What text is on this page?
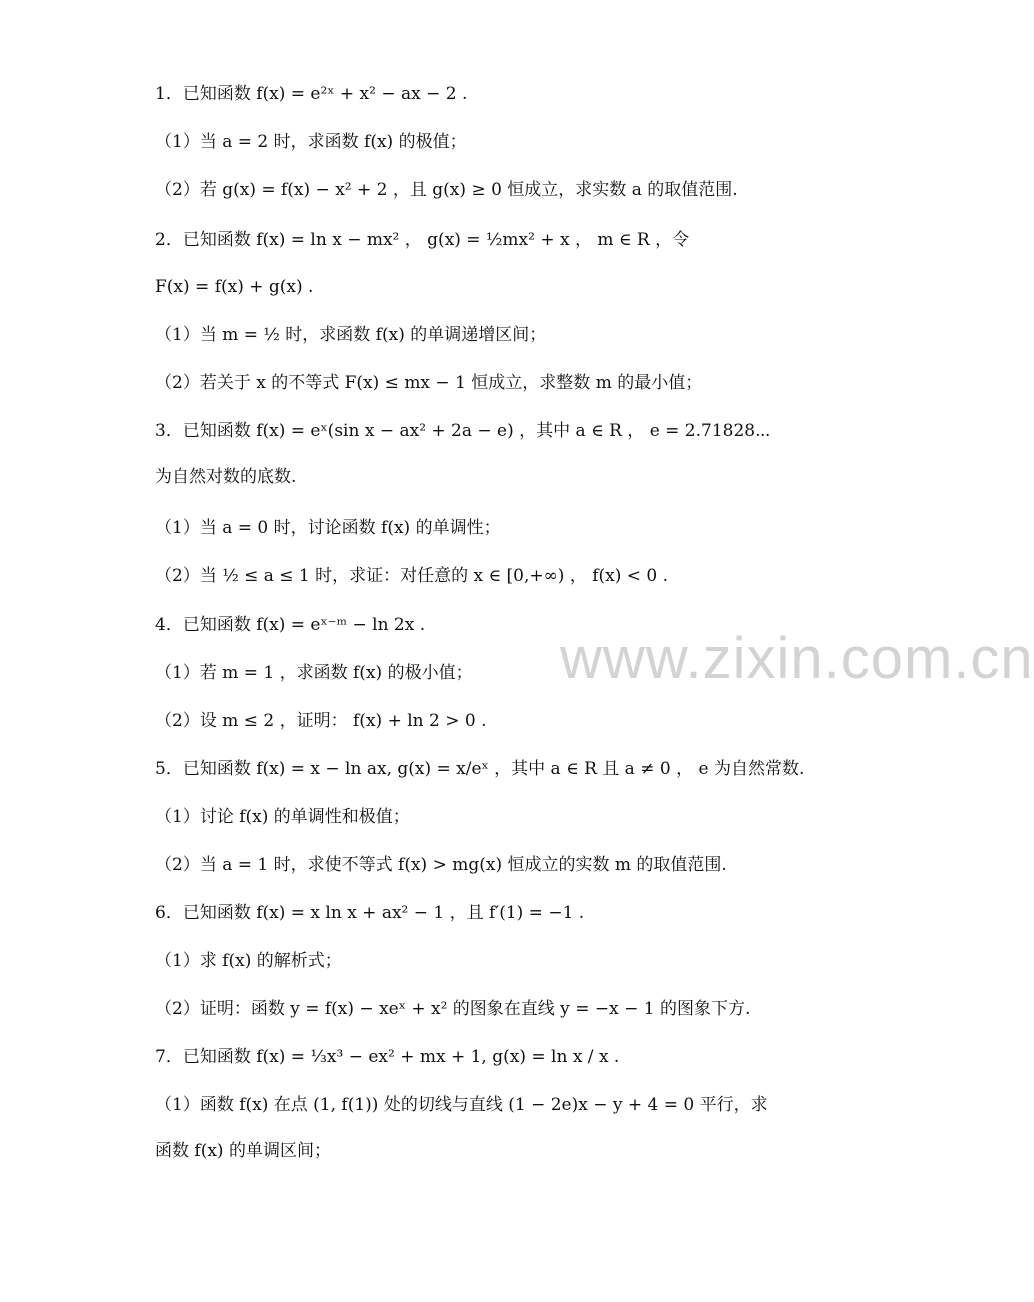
1．已知函数 f(x) = e²ˣ + x² − ax − 2 .
（1）当 a = 2 时，求函数 f(x) 的极值；
（2）若 g(x) = f(x) − x² + 2 ，且 g(x) ≥ 0 恒成立，求实数 a 的取值范围.
2．已知函数 f(x) = ln x − mx² ， g(x) = ½mx² + x ， m ∈ R ，令
F(x) = f(x) + g(x) .
（1）当 m = ½ 时，求函数 f(x) 的单调递增区间；
（2）若关于 x 的不等式 F(x) ≤ mx − 1 恒成立，求整数 m 的最小值；
3．已知函数 f(x) = eˣ(sin x − ax² + 2a − e) ，其中 a ∈ R ， e = 2.71828⋯ 为自然对数的底数.
（1）当 a = 0 时，讨论函数 f(x) 的单调性；
（2）当 ½ ≤ a ≤ 1 时，求证：对任意的 x ∈ [0,+∞) ， f(x) < 0 .
4．已知函数 f(x) = eˣ⁻ᵐ − ln 2x .
（1）若 m = 1 ，求函数 f(x) 的极小值；
（2）设 m ≤ 2 ，证明： f(x) + ln 2 > 0 .
5．已知函数 f(x) = x − ln ax, g(x) = x/eˣ ，其中 a ∈ R 且 a ≠ 0 ， e 为自然常数.
（1）讨论 f(x) 的单调性和极值；
（2）当 a = 1 时，求使不等式 f(x) > mg(x) 恒成立的实数 m 的取值范围.
6．已知函数 f(x) = x ln x + ax² − 1 ，且 f′(1) = −1 .
（1）求 f(x) 的解析式；
（2）证明：函数 y = f(x) − xeˣ + x² 的图象在直线 y = −x − 1 的图象下方.
7．已知函数 f(x) = ⅓x³ − ex² + mx + 1, g(x) = ln x / x .
（1）函数 f(x) 在点 (1, f(1)) 处的切线与直线 (1 − 2e)x − y + 4 = 0 平行，求函数 f(x) 的单调区间；
www.zixin.com.cn
